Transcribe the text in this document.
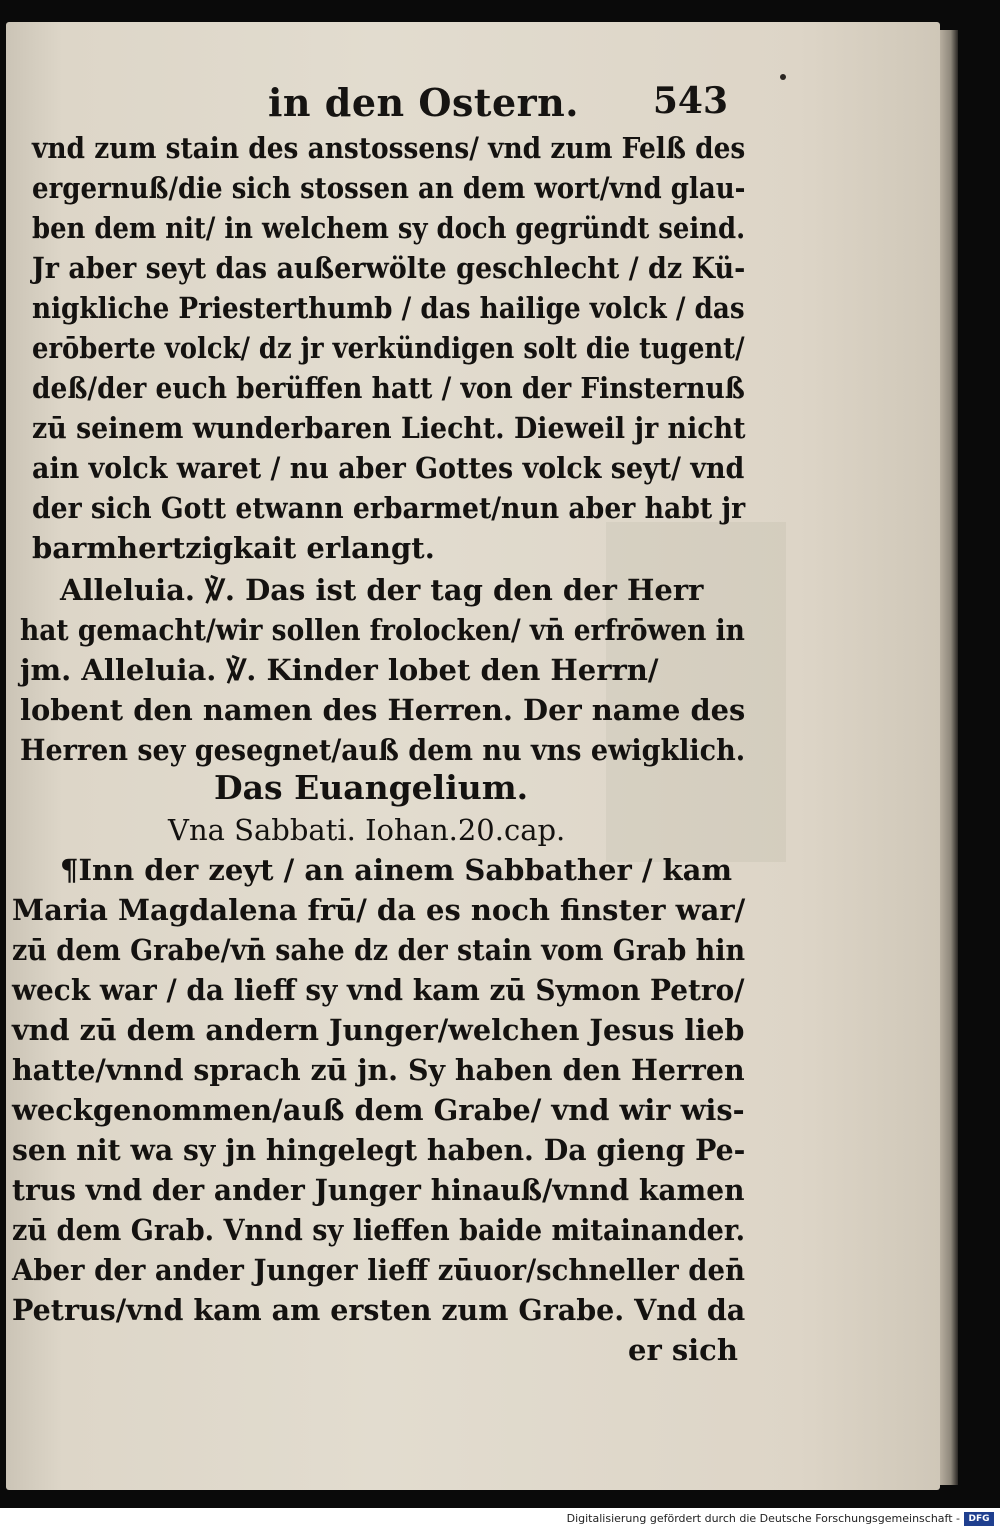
in den Ostern. 543
vnd zum stain des anstossens/ vnd zum Felß des
ergernuß/die sich stossen an dem wort/vnd glau-
ben dem nit/ in welchem sy doch gegründt seind.
Jr aber seyt das außerwölte geschlecht / dz Kü-
nigkliche Priesterthumb / das hailige volck / das
erōberte volck/ dz jr verkündigen solt die tugent/
deß/der euch berüffen hatt / von der Finsternuß
zū seinem wunderbaren Liecht. Dieweil jr nicht
ain volck waret / nu aber Gottes volck seyt/ vnd
der sich Gott etwann erbarmet/nun aber habt jr
barmhertzigkait erlangt.
Alleluia. ℣. Das ist der tag den der Herr
hat gemacht/wir sollen frolocken/ vn̄ erfrōwen in
jm. Alleluia. ℣. Kinder lobet den Herrn/
lobent den namen des Herren. Der name des
Herren sey gesegnet/auß dem nu vns ewigklich.
Das Euangelium.
Vna Sabbati. Iohan.20.cap.
¶Inn der zeyt / an ainem Sabbather / kam
Maria Magdalena frū/ da es noch finster war/
zū dem Grabe/vn̄ sahe dz der stain vom Grab hin
weck war / da lieff sy vnd kam zū Symon Petro/
vnd zū dem andern Junger/welchen Jesus lieb
hatte/vnnd sprach zū jn. Sy haben den Herren
weckgenommen/auß dem Grabe/ vnd wir wis-
sen nit wa sy jn hingelegt haben. Da gieng Pe-
trus vnd der ander Junger hinauß/vnnd kamen
zū dem Grab. Vnnd sy lieffen baide mitainander.
Aber der ander Junger lieff zūuor/schneller den̄
Petrus/vnd kam am ersten zum Grabe. Vnd da
er sich
Digitalisierung gefördert durch die Deutsche Forschungsgemeinschaft - DFG
